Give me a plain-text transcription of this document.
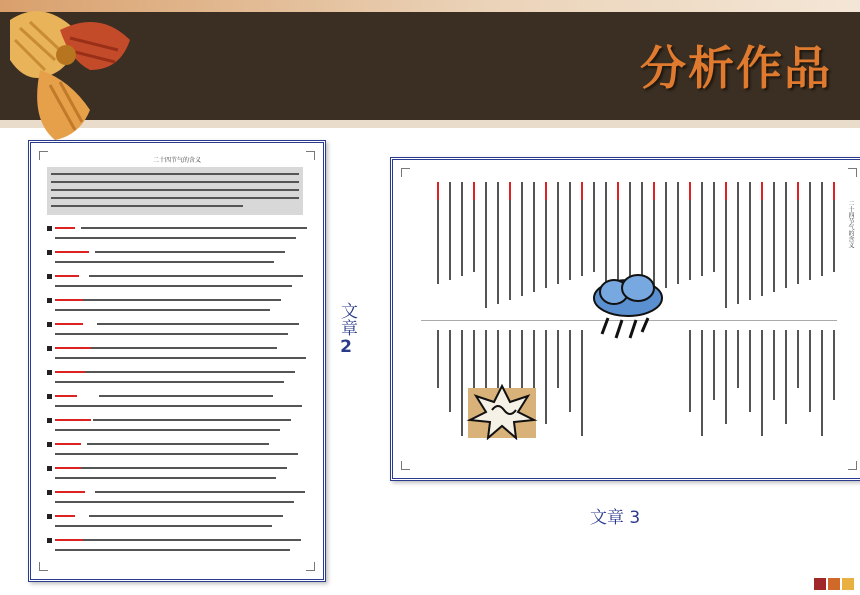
分析作品
二十四节气的含义
文章
2
二十四节气的含义
文章 3
